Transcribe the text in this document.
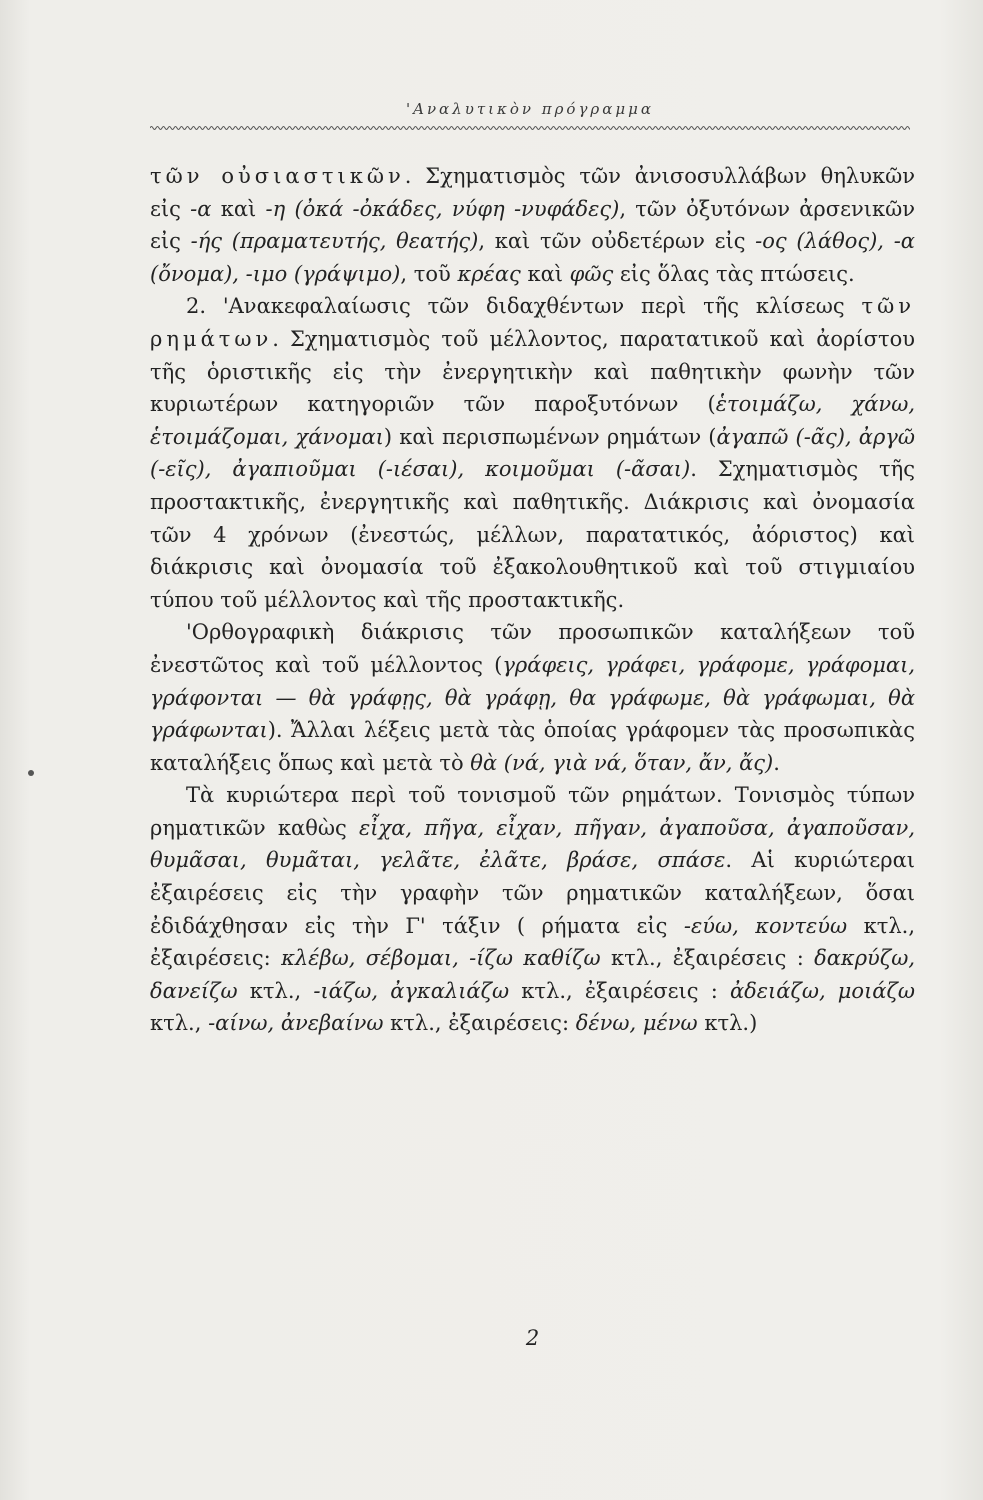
'Αναλυτικὸν πρόγραμμα

τῶν οὐσιαστικῶν. Σχηματισμὸς τῶν ἀνισοσυλλάβων θηλυκῶν εἰς -α καὶ -η (ὀκά -ὀκάδες, νύφη -νυφάδες), τῶν ὀξυτόνων ἀρσενικῶν εἰς -ής (πραματευτής, θεατής), καὶ τῶν οὐδετέρων εἰς -ος (λάθος), -α (ὄνομα), -ιμο (γράψιμο), τοῦ κρέας καὶ φῶς εἰς ὅλας τὰς πτώσεις.

2. 'Ανακεφαλαίωσις τῶν διδαχθέντων περὶ τῆς κλίσεως τῶν ρημάτων. Σχηματισμὸς τοῦ μέλλοντος, παρατατικοῦ καὶ ἀορίστου τῆς ὁριστικῆς εἰς τὴν ἐνεργητικὴν καὶ παθητικὴν φωνὴν τῶν κυριωτέρων κατηγοριῶν τῶν παροξυτόνων (ἑτοιμάζω, χάνω, ἑτοιμάζομαι, χάνομαι) καὶ περισπωμένων ρημάτων (ἀγαπῶ (-ᾶς), ἀργῶ (-εῖς), ἀγαπιοῦμαι (-ιέσαι), κοιμοῦμαι (-ᾶσαι). Σχηματισμὸς τῆς προστακτικῆς, ἐνεργητικῆς καὶ παθητικῆς. Διάκρισις καὶ ὀνομασία τῶν 4 χρόνων (ἐνεστώς, μέλλων, παρατατικός, ἀόριστος) καὶ διάκρισις καὶ ὀνομασία τοῦ ἐξακολουθητικοῦ καὶ τοῦ στιγμιαίου τύπου τοῦ μέλλοντος καὶ τῆς προστακτικῆς.

'Ορθογραφικὴ διάκρισις τῶν προσωπικῶν καταλήξεων τοῦ ἐνεστῶτος καὶ τοῦ μέλλοντος (γράφεις, γράφει, γράφομε, γράφομαι, γράφονται — θὰ γράφῃς, θὰ γράφῃ, θα γράφωμε, θὰ γράφωμαι, θὰ γράφωνται). Ἄλλαι λέξεις μετὰ τὰς ὁποίας γράφομεν τὰς προσωπικὰς καταλήξεις ὅπως καὶ μετὰ τὸ θὰ (νά, γιὰ νά, ὅταν, ἄν, ἄς).

Τὰ κυριώτερα περὶ τοῦ τονισμοῦ τῶν ρημάτων. Τονισμὸς τύπων ρηματικῶν καθὼς εἶχα, πῆγα, εἶχαν, πῆγαν, ἀγαποῦσα, ἀγαποῦσαν, θυμᾶσαι, θυμᾶται, γελᾶτε, ἐλᾶτε, βράσε, σπάσε. Αἱ κυριώτεραι ἐξαιρέσεις εἰς τὴν γραφὴν τῶν ρηματικῶν καταλήξεων, ὅσαι ἐδιδάχθησαν εἰς τὴν Γ' τάξιν ( ρήματα εἰς -εύω, κοντεύω κτλ., ἐξαιρέσεις: κλέβω, σέβομαι, -ίζω καθίζω κτλ., ἐξαιρέσεις : δακρύζω, δανείζω κτλ., -ιάζω, ἀγκαλιάζω κτλ., ἐξαιρέσεις : ἀδειάζω, μοιάζω κτλ., -αίνω, ἀνεβαίνω κτλ., ἐξαιρέσεις: δένω, μένω κτλ.)

2
